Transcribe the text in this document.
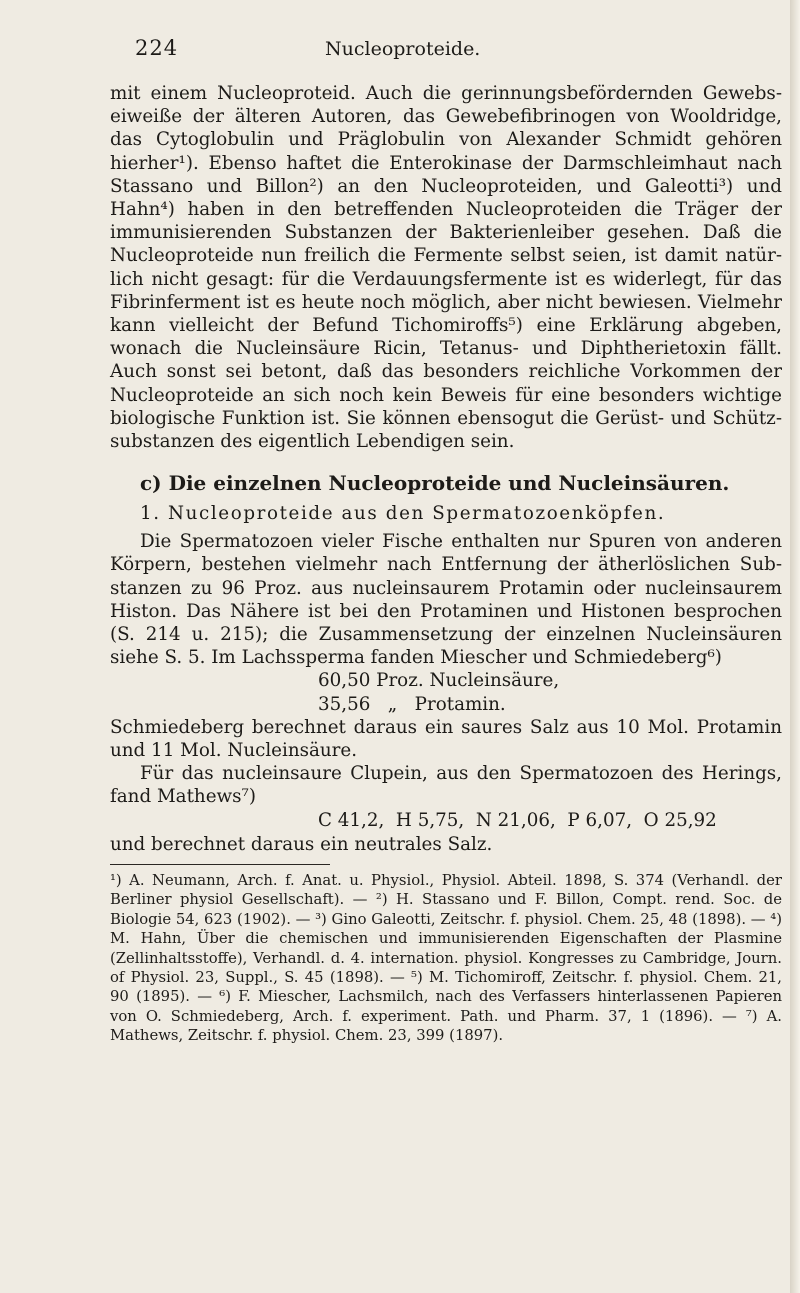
224	Nucleoproteide.

mit einem Nucleoproteid. Auch die gerinnungsbefördernden Gewebseiweiße der älteren Autoren, das Gewebefibrinogen von Wooldridge, das Cytoglobulin und Präglobulin von Alexander Schmidt gehören hierher¹). Ebenso haftet die Enterokinase der Darmschleimhaut nach Stassano und Billon²) an den Nucleoproteiden, und Galeotti³) und Hahn⁴) haben in den betreffenden Nucleoproteiden die Träger der immunisierenden Substanzen der Bakterienleiber gesehen. Daß die Nucleoproteide nun freilich die Fermente selbst seien, ist damit natürlich nicht gesagt: für die Verdauungsfermente ist es widerlegt, für das Fibrinferment ist es heute noch möglich, aber nicht bewiesen. Vielmehr kann vielleicht der Befund Tichomiroffs⁵) eine Erklärung abgeben, wonach die Nucleinsäure Ricin, Tetanus- und Diphtherietoxin fällt. Auch sonst sei betont, daß das besonders reichliche Vorkommen der Nucleoproteide an sich noch kein Beweis für eine besonders wichtige biologische Funktion ist. Sie können ebensogut die Gerüst- und Schützsubstanzen des eigentlich Lebendigen sein.

c) Die einzelnen Nucleoproteide und Nucleinsäuren.
1. Nucleoproteide aus den Spermatozoenköpfen.

Die Spermatozoen vieler Fische enthalten nur Spuren von anderen Körpern, bestehen vielmehr nach Entfernung der ätherlöslichen Substanzen zu 96 Proz. aus nucleinsaurem Protamin oder nucleinsaurem Histon. Das Nähere ist bei den Protaminen und Histonen besprochen (S. 214 u. 215); die Zusammensetzung der einzelnen Nucleinsäuren siehe S. 5. Im Lachssperma fanden Miescher und Schmiedeberg⁶)

60,50 Proz. Nucleinsäure,
35,56   „   Protamin.

Schmiedeberg berechnet daraus ein saures Salz aus 10 Mol. Protamin und 11 Mol. Nucleinsäure.

Für das nucleinsaure Clupein, aus den Spermatozoen des Herings, fand Mathews⁷)

C 41,2,  H 5,75,  N 21,06,  P 6,07,  O 25,92

und berechnet daraus ein neutrales Salz.

¹) A. Neumann, Arch. f. Anat. u. Physiol., Physiol. Abteil. 1898, S. 374 (Verhandl. der Berliner physiol Gesellschaft). — ²) H. Stassano und F. Billon, Compt. rend. Soc. de Biologie 54, 623 (1902). — ³) Gino Galeotti, Zeitschr. f. physiol. Chem. 25, 48 (1898). — ⁴) M. Hahn, Über die chemischen und immunisierenden Eigenschaften der Plasmine (Zellinhaltsstoffe), Verhandl. d. 4. internation. physiol. Kongresses zu Cambridge, Journ. of Physiol. 23, Suppl., S. 45 (1898). — ⁵) M. Tichomiroff, Zeitschr. f. physiol. Chem. 21, 90 (1895). — ⁶) F. Miescher, Lachsmilch, nach des Verfassers hinterlassenen Papieren von O. Schmiedeberg, Arch. f. experiment. Path. und Pharm. 37, 1 (1896). — ⁷) A. Mathews, Zeitschr. f. physiol. Chem. 23, 399 (1897).
